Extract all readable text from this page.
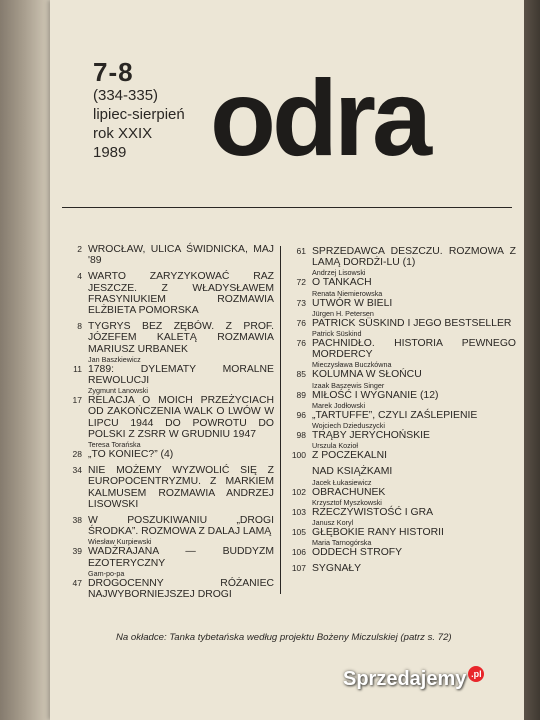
7-8
(334-335)
lipiec-sierpień
rok XXIX
1989 odra
2 WROCŁAW, ULICA ŚWIDNICKA, MAJ '89
4 WARTO ZARYZYKOWAĆ RAZ JESZCZE. Z WŁADYSŁAWEM FRASYNIUKIEM ROZMAWIA ELŻBIETA POMORSKA
8 TYGRYS BEZ ZĘBÓW. Z PROF. JÓZEFEM KALETĄ ROZMAWIA MARIUSZ URBANEK
Jan Baszkiewicz
11 1789: DYLEMATY MORALNE REWOLUCJI
Zygmunt Lanowski
17 RELACJA O MOICH PRZEŻYCIACH OD ZAKOŃCZENIA WALK O LWÓW W LIPCU 1944 DO POWROTU DO POLSKI Z ZSRR W GRUDNIU 1947
Teresa Torańska
28 „TO KONIEC?” (4)
34 NIE MOŻEMY WYZWOLIĆ SIĘ Z EUROPOCENTRYZMU. Z MARKIEM KALMUSEM ROZMAWIA ANDRZEJ LISOWSKI
38 W POSZUKIWANIU „DROGI ŚRODKA”. ROZMOWA Z DALAJ LAMĄ
Wiesław Kurpiewski
39 WADŻRAJANA — BUDDYZM EZOTERYCZNY
Gam-po-pa
47 DROGOCENNY RÓŻANIEC NAJWYBORNIEJSZEJ DROGI
61 SPRZEDAWCA DESZCZU. ROZMOWA Z LAMĄ DORDŻI-LU (1)
Andrzej Lisowski
72 O TANKACH
Renata Niemierowska
73 UTWÓR W BIELI
Jürgen H. Petersen
76 PATRICK SÜSKIND I JEGO BESTSELLER
Patrick Süskind
76 PACHNIDŁO. HISTORIA PEWNEGO MORDERCY
Mieczysława Buczkówna
85 KOLUMNA W SŁOŃCU
Izaak Baszewis Singer
89 MIŁOŚĆ I WYGNANIE (12)
Marek Jodłowski
96 „TARTUFFE”, CZYLI ZAŚLEPIENIE
Wojciech Dzieduszycki
98 TRĄBY JERYCHOŃSKIE
Urszula Kozioł
100 Z POCZEKALNI
NAD KSIĄŻKAMI
Jacek Łukasiewicz
102 OBRACHUNEK
Krzysztof Myszkowski
103 RZECZYWISTOŚĆ I GRA
Janusz Koryl
105 GŁĘBOKIE RANY HISTORII
Maria Tarnogórska
106 ODDECH STROFY
107 SYGNAŁY
Na okładce: Tanka tybetańska według projektu Bożeny Miczulskiej (patrz s. 72)
Sprzedajemy .pl
